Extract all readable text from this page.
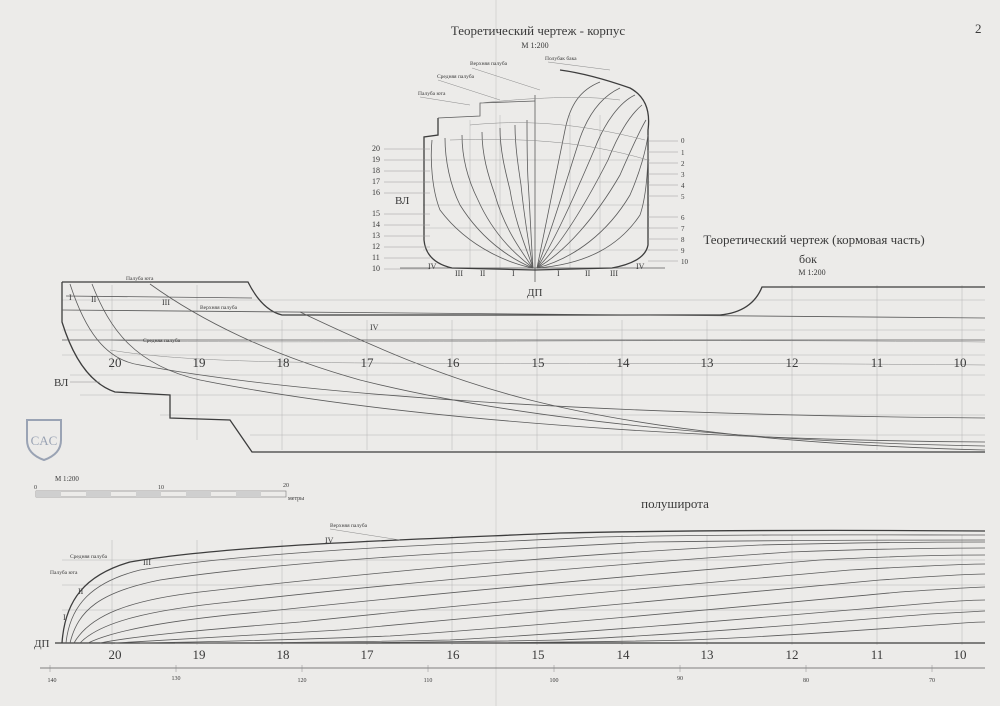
Теоретический чертеж - корпус
М 1:200
2
Полубак бака
Верхняя палуба
Средняя палуба
Палуба юта
ВЛ
ДП
20
19
18
17
16
15
14
13
12
11
10
0
1
2
3
4
5
6
7
8
9
10
IV
III II	I	I	II III
IV
Теоретический чертеж (кормовая часть)
бок
М 1:200
Палуба юта
Верхняя палуба
Средняя палуба
ВЛ
I II	III
IV
20	19	18	17	16	15	14	13	12	11	10
CAC
М 1:200
0	10	20
метры	полуширота
Верхняя палуба
Средняя палуба
Палуба юта
IV
III
II
I
ДП
20	19	18	17	16	15	14	13	12	11	10
140	130	120	110	100	90	80	70
